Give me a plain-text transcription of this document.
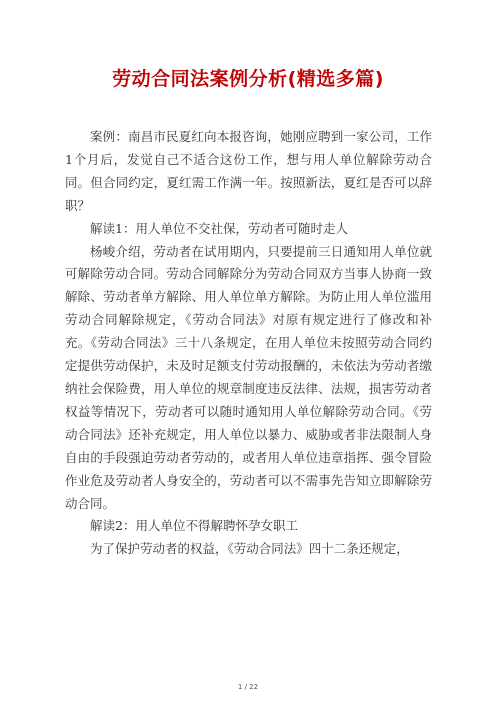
劳动合同法案例分析(精选多篇)

案例：南昌市民夏红向本报咨询，她刚应聘到一家公司，工作1个月后，发觉自己不适合这份工作，想与用人单位解除劳动合同。但合同约定，夏红需工作满一年。按照新法，夏红是否可以辞职？

解读1：用人单位不交社保，劳动者可随时走人

杨峻介绍，劳动者在试用期内，只要提前三日通知用人单位就可解除劳动合同。劳动合同解除分为劳动合同双方当事人协商一致解除、劳动者单方解除、用人单位单方解除。为防止用人单位滥用劳动合同解除规定，《劳动合同法》对原有规定进行了修改和补充。《劳动合同法》三十八条规定，在用人单位未按照劳动合同约定提供劳动保护，未及时足额支付劳动报酬的，未依法为劳动者缴纳社会保险费，用人单位的规章制度违反法律、法规，损害劳动者权益等情况下，劳动者可以随时通知用人单位解除劳动合同。《劳动合同法》还补充规定，用人单位以暴力、威胁或者非法限制人身自由的手段强迫劳动者劳动的，或者用人单位违章指挥、强令冒险作业危及劳动者人身安全的，劳动者可以不需事先告知立即解除劳动合同。

解读2：用人单位不得解聘怀孕女职工

为了保护劳动者的权益，《劳动合同法》四十二条还规定，

1 / 22
